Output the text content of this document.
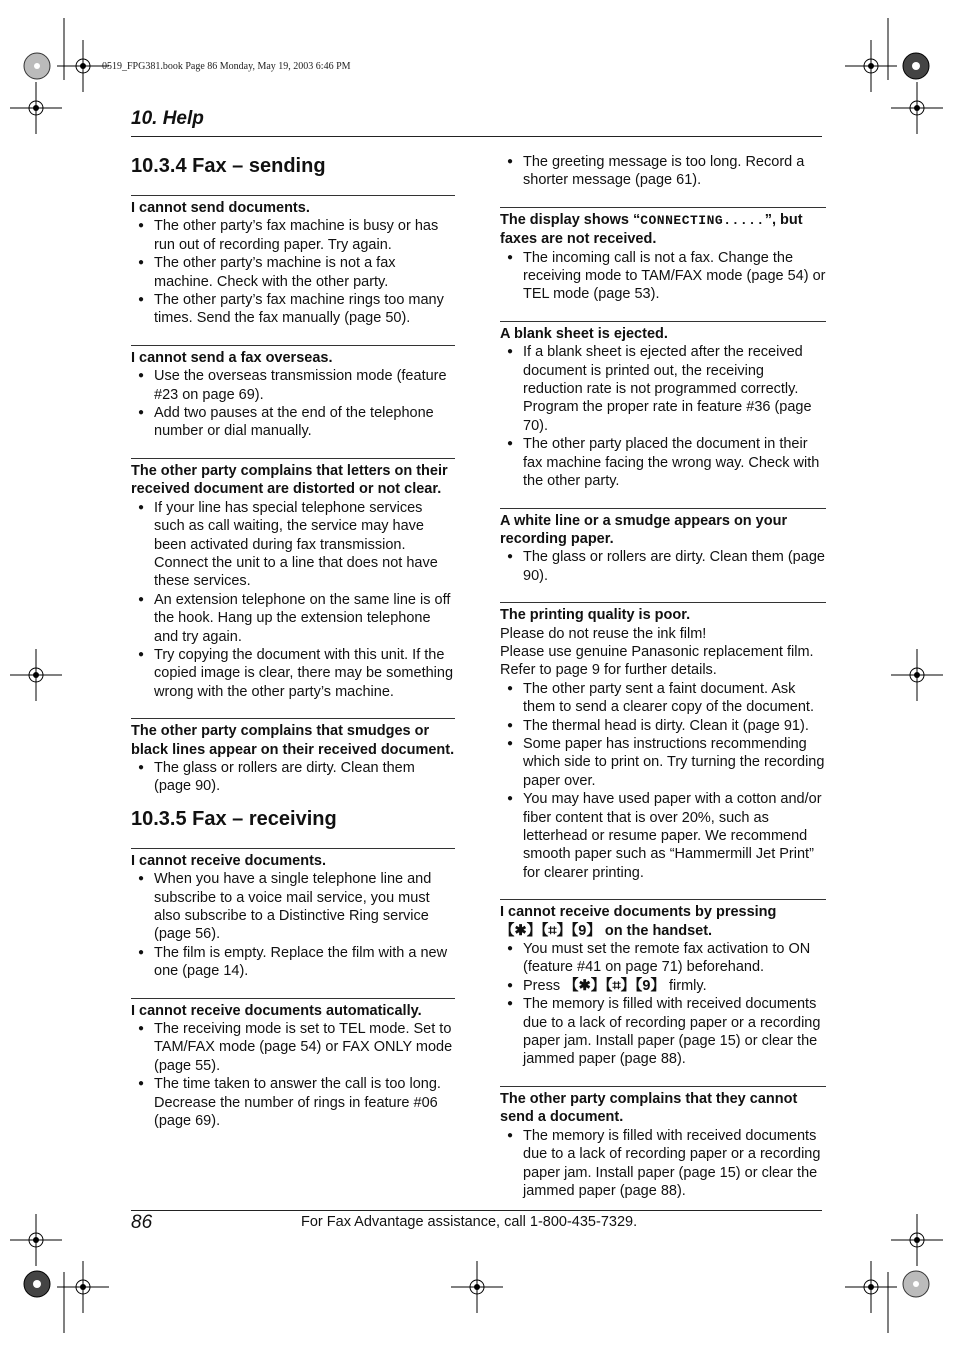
0519_FPG381.book Page 86 Monday, May 19, 2003 6:46 PM
10. Help
10.3.4 Fax – sending
I cannot send documents.
● The other party’s fax machine is busy or has run out of recording paper. Try again.
● The other party’s machine is not a fax machine. Check with the other party.
● The other party’s fax machine rings too many times. Send the fax manually (page 50).
I cannot send a fax overseas.
● Use the overseas transmission mode (feature #23 on page 69).
● Add two pauses at the end of the telephone number or dial manually.
The other party complains that letters on their received document are distorted or not clear.
● If your line has special telephone services such as call waiting, the service may have been activated during fax transmission. Connect the unit to a line that does not have these services.
● An extension telephone on the same line is off the hook. Hang up the extension telephone and try again.
● Try copying the document with this unit. If the copied image is clear, there may be something wrong with the other party’s machine.
The other party complains that smudges or black lines appear on their received document.
● The glass or rollers are dirty. Clean them (page 90).
10.3.5 Fax – receiving
I cannot receive documents.
● When you have a single telephone line and subscribe to a voice mail service, you must also subscribe to a Distinctive Ring service (page 56).
● The film is empty. Replace the film with a new one (page 14).
I cannot receive documents automatically.
● The receiving mode is set to TEL mode. Set to TAM/FAX mode (page 54) or FAX ONLY mode (page 55).
● The time taken to answer the call is too long. Decrease the number of rings in feature #06 (page 69).
● The greeting message is too long. Record a shorter message (page 61).
The display shows “CONNECTING.....”, but faxes are not received.
● The incoming call is not a fax. Change the receiving mode to TAM/FAX mode (page 54) or TEL mode (page 53).
A blank sheet is ejected.
● If a blank sheet is ejected after the received document is printed out, the receiving reduction rate is not programmed correctly. Program the proper rate in feature #36 (page 70).
● The other party placed the document in their fax machine facing the wrong way. Check with the other party.
A white line or a smudge appears on your recording paper.
● The glass or rollers are dirty. Clean them (page 90).
The printing quality is poor.
Please do not reuse the ink film!
Please use genuine Panasonic replacement film. Refer to page 9 for further details.
● The other party sent a faint document. Ask them to send a clearer copy of the document.
● The thermal head is dirty. Clean it (page 91).
● Some paper has instructions recommending which side to print on. Try turning the recording paper over.
● You may have used paper with a cotton and/or fiber content that is over 20%, such as letterhead or resume paper. We recommend smooth paper such as “Hammermill Jet Print” for clearer printing.
I cannot receive documents by pressing
【✱】【⌗】【9】 on the handset.
● You must set the remote fax activation to ON (feature #41 on page 71) beforehand.
● Press 【✱】【⌗】【9】 firmly.
● The memory is filled with received documents due to a lack of recording paper or a recording paper jam. Install paper (page 15) or clear the jammed paper (page 88).
The other party complains that they cannot send a document.
● The memory is filled with received documents due to a lack of recording paper or a recording paper jam. Install paper (page 15) or clear the jammed paper (page 88).
86	For Fax Advantage assistance, call 1-800-435-7329.
